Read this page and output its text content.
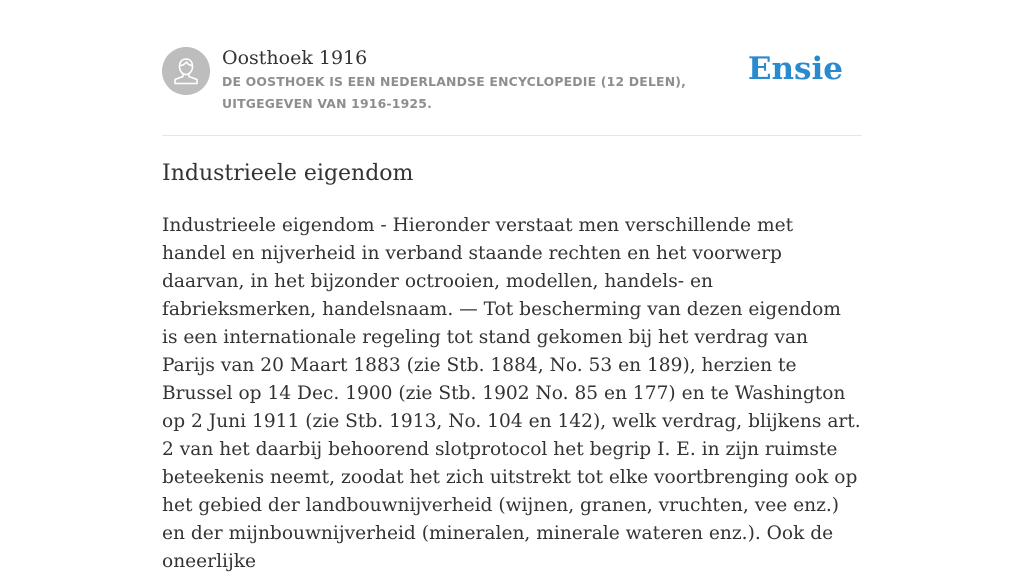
Oosthoek 1916
DE OOSTHOEK IS EEN NEDERLANDSE ENCYCLOPEDIE (12 DELEN), UITGEGEVEN VAN 1916-1925.
Ensie
Industrieele eigendom

Industrieele eigendom - Hieronder verstaat men verschillende met handel en nijverheid in verband staande rechten en het voorwerp daarvan, in het bijzonder octrooien, modellen, handels- en fabrieksmerken, handelsnaam. — Tot bescherming van dezen eigendom is een internationale regeling tot stand gekomen bij het verdrag van Parijs van 20 Maart 1883 (zie Stb. 1884, No. 53 en 189), herzien te Brussel op 14 Dec. 1900 (zie Stb. 1902 No. 85 en 177) en te Washington op 2 Juni 1911 (zie Stb. 1913, No. 104 en 142), welk verdrag, blijkens art. 2 van het daarbij behoorend slotprotocol het begrip I. E. in zijn ruimste beteekenis neemt, zoodat het zich uitstrekt tot elke voortbrenging ook op het gebied der landbouwnijverheid (wijnen, granen, vruchten, vee enz.) en der mijnbouwnijverheid (mineralen, minerale wateren enz.). Ook de oneerlijke
